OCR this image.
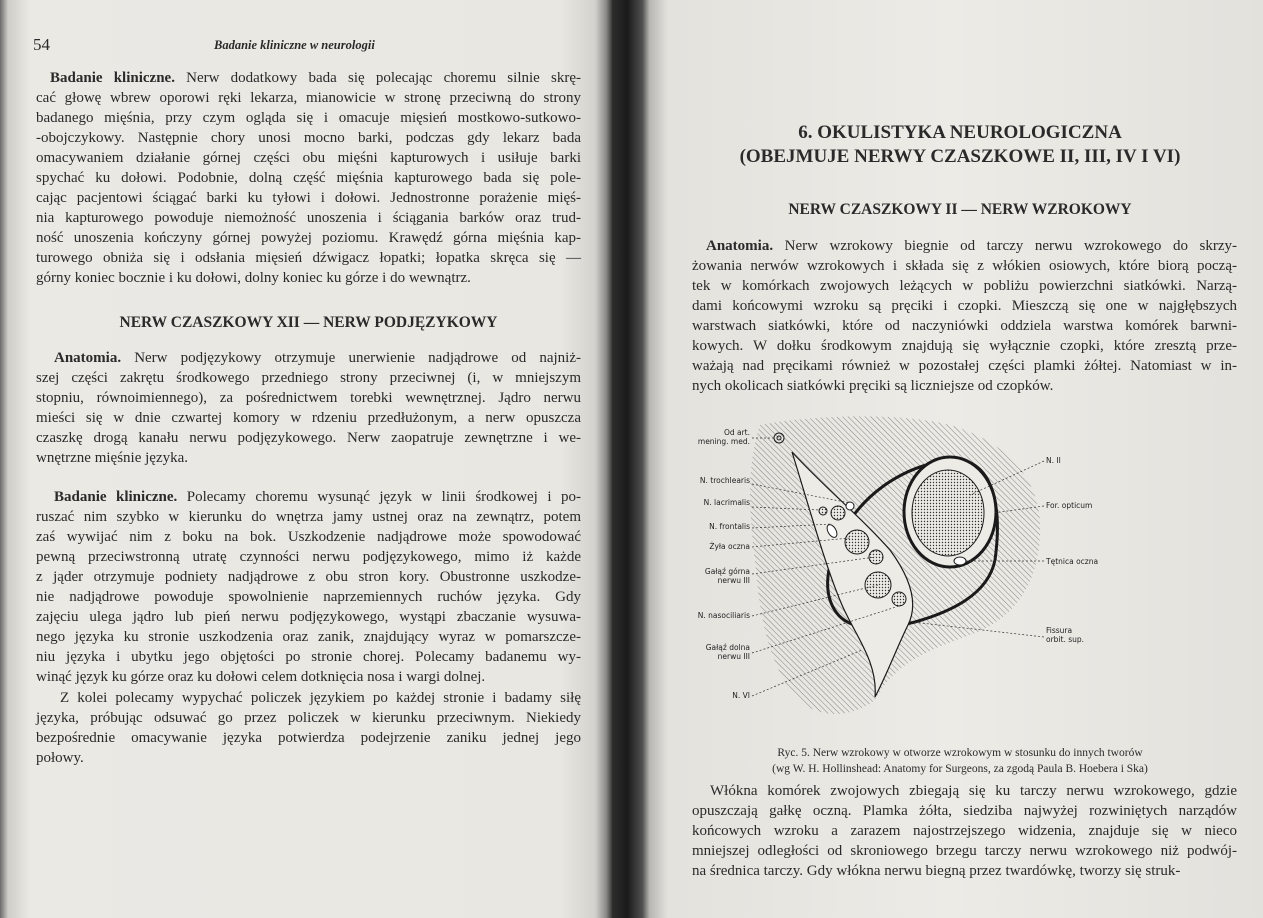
54	Badanie kliniczne w neurologii
Badanie kliniczne. Nerw dodatkowy bada się polecając choremu silnie skrę-
cać głowę wbrew oporowi ręki lekarza, mianowicie w stronę przeciwną do strony
badanego mięśnia, przy czym ogląda się i omacuje mięsień mostkowo-sutkowo-
-obojczykowy. Następnie chory unosi mocno barki, podczas gdy lekarz bada
omacywaniem działanie górnej części obu mięśni kapturowych i usiłuje barki
spychać ku dołowi. Podobnie, dolną część mięśnia kapturowego bada się pole-
cając pacjentowi ściągać barki ku tyłowi i dołowi. Jednostronne porażenie mięś-
nia kapturowego powoduje niemożność unoszenia i ściągania barków oraz trud-
ność unoszenia kończyny górnej powyżej poziomu. Krawędź górna mięśnia kap-
turowego obniża się i odsłania mięsień dźwigacz łopatki; łopatka skręca się —
górny koniec bocznie i ku dołowi, dolny koniec ku górze i do wewnątrz.
NERW CZASZKOWY XII — NERW PODJĘZYKOWY
Anatomia. Nerw podjęzykowy otrzymuje unerwienie nadjądrowe od najniż-
szej części zakrętu środkowego przedniego strony przeciwnej (i, w mniejszym
stopniu, równoimiennego), za pośrednictwem torebki wewnętrznej. Jądro nerwu
mieści się w dnie czwartej komory w rdzeniu przedłużonym, a nerw opuszcza
czaszkę drogą kanału nerwu podjęzykowego. Nerw zaopatruje zewnętrzne i we-
wnętrzne mięśnie języka.
Badanie kliniczne. Polecamy choremu wysunąć język w linii środkowej i po-
ruszać nim szybko w kierunku do wnętrza jamy ustnej oraz na zewnątrz, potem
zaś wywijać nim z boku na bok. Uszkodzenie nadjądrowe może spowodować
pewną przeciwstronną utratę czynności nerwu podjęzykowego, mimo iż każde
z jąder otrzymuje podniety nadjądrowe z obu stron kory. Obustronne uszkodze-
nie nadjądrowe powoduje spowolnienie naprzemiennych ruchów języka. Gdy
zajęciu ulega jądro lub pień nerwu podjęzykowego, wystąpi zbaczanie wysuwa-
nego języka ku stronie uszkodzenia oraz zanik, znajdujący wyraz w pomarszcze-
niu języka i ubytku jego objętości po stronie chorej. Polecamy badanemu wy-
winąć język ku górze oraz ku dołowi celem dotknięcia nosa i wargi dolnej.
Z kolei polecamy wypychać policzek językiem po każdej stronie i badamy siłę
języka, próbując odsuwać go przez policzek w kierunku przeciwnym. Niekiedy
bezpośrednie omacywanie języka potwierdza podejrzenie zaniku jednej jego
połowy.
6. OKULISTYKA NEUROLOGICZNA
(OBEJMUJE NERWY CZASZKOWE II, III, IV I VI)
NERW CZASZKOWY II — NERW WZROKOWY
Anatomia. Nerw wzrokowy biegnie od tarczy nerwu wzrokowego do skrzy-
żowania nerwów wzrokowych i składa się z włókien osiowych, które biorą począ-
tek w komórkach zwojowych leżących w pobliżu powierzchni siatkówki. Narzą-
dami końcowymi wzroku są pręciki i czopki. Mieszczą się one w najgłębszych
warstwach siatkówki, które od naczyniówki oddziela warstwa komórek barwni-
kowych. W dołku środkowym znajdują się wyłącznie czopki, które zresztą prze-
ważają nad pręcikami również w pozostałej części plamki żółtej. Natomiast w in-
nych okolicach siatkówki pręciki są liczniejsze od czopków.
Od art.
mening. med.
N. trochlearis
N. lacrimalis
N. frontalis
Żyła oczna
Gałąź górna
nerwu III
N. nasociliaris
Gałąź dolna
nerwu III
N. VI
N. II
For. opticum
Tętnica oczna
Fissura
orbit. sup.
Ryc. 5. Nerw wzrokowy w otworze wzrokowym w stosunku do innych tworów
(wg W. H. Hollinshead: Anatomy for Surgeons, za zgodą Paula B. Hoebera i Ska)
Włókna komórek zwojowych zbiegają się ku tarczy nerwu wzrokowego, gdzie
opuszczają gałkę oczną. Plamka żółta, siedziba najwyżej rozwiniętych narządów
końcowych wzroku a zarazem najostrzejszego widzenia, znajduje się w nieco
mniejszej odległości od skroniowego brzegu tarczy nerwu wzrokowego niż podwój-
na średnica tarczy. Gdy włókna nerwu biegną przez twardówkę, tworzy się struk-
